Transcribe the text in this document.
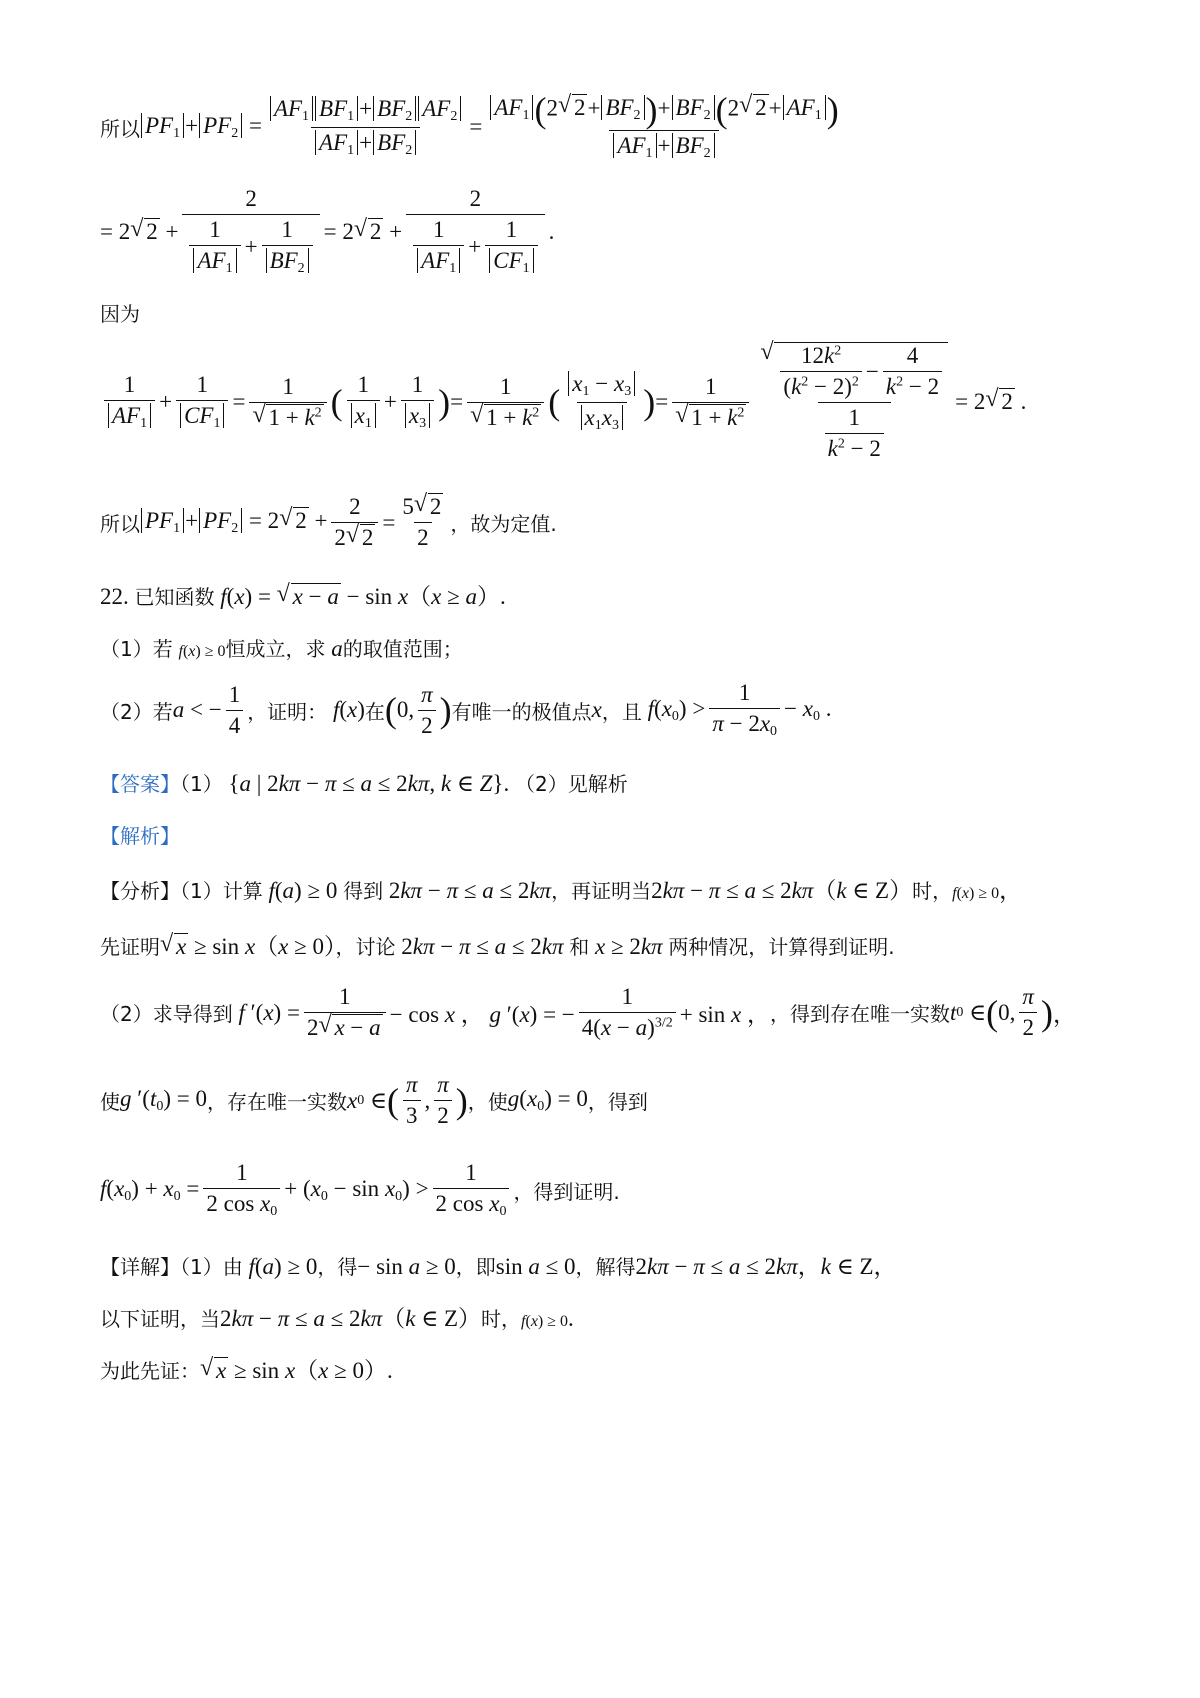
所以 $PF_1 + PF_2 = \frac{AF_1 BF_1 + BF_2 AF_2}{AF_1 + BF_2} = \frac{AF_1 (2√ 2+ BF_2 )+ BF_2 (2√ 2+ AF_1 )}{AF_1 + BF_2}$
= 2√ $2 + \frac{2}{\frac{1}{AF_1} + \frac{1}{BF_2}} = 2√$ $2 + \frac{2}{\frac{1}{AF_1} + \frac{1}{CF_1}}$ .
因为
$\frac{1}{AF_1} + \frac{1}{CF_1} = 1$
√ $1 + k^2$ ( $\frac{1}{x_1} + \frac{1}{x_3}$ ) = 1
√ $1 + k^2$ ( $\frac{x_1 - x_3}{x_1x_3}$ ) = 1
√ $1 + k^2$
√ $\frac{\frac{12k^2}{(k^2 - 2)^2} - \frac{4}{k^2 - 2}}{\frac{1}{k^2 - 2}} = 2√$ 2 .
所以 $PF_1 + PF_2 = 2√$ $2 + \frac{2}{2√ 2} = \frac{5√ 2}{2}$ ，故为定值.
22. 已知函数 f(x) = √ x − a − sin x（x ≥ a）.
（1）若 f(x) ≥ 0恒成立，求 a的取值范围；
（2）若 a < − $\frac{1}{4}$ ，证明： f(x) 在 ( 0, $\frac{\pi}{2}$ ) 有唯一的极值点 x ，且 $f(x_0) > \frac{1}{\pi - 2x_0} - x_0$ .
【答案】（1） {a | 2kπ − π ≤ a ≤ 2kπ, k ∈ Z}. （2）见解析
【解析】
【分析】（1）计算 f(a) ≥ 0 得到 2kπ − π ≤ a ≤ 2kπ，再证明当2kπ − π ≤ a ≤ 2kπ（k ∈ Z）时，f(x) ≥ 0，
先证明√ x ≥ sin x（x ≥ 0），讨论 2kπ − π ≤ a ≤ 2kπ 和 x ≥ 2kπ 两种情况，计算得到证明.
（2）求导得到 f $'(x) = \frac{1}{2√ x - a} - \cos x$ ， g ′(x) = − $\frac{1}{4(x - a)^{3/2}} + \sin x$ ， ，得到存在唯一实数 t 0 ∈ ( 0, $\frac{\pi}{2}$ ) ，
使 g $'(t_0) = 0$ ，存在唯一实数 x 0 ∈ ( $\frac{\pi}{3}$ , $\frac{\pi}{2}$ ) ，使 $g(x_0) = 0$ ，得到
$f(x_0) + x_0 = \frac{1}{2 \cos x_0} + (x_0 - \sin x_0) > \frac{1}{2 \cos x_0}$ ，得到证明.
【详解】（1）由 f(a) ≥ 0，得− sin a ≥ 0，即sin a ≤ 0，解得2kπ − π ≤ a ≤ 2kπ，k ∈ Z，
以下证明，当2kπ − π ≤ a ≤ 2kπ（k ∈ Z）时，f(x) ≥ 0.
为此先证：√ x ≥ sin x（x ≥ 0）.
